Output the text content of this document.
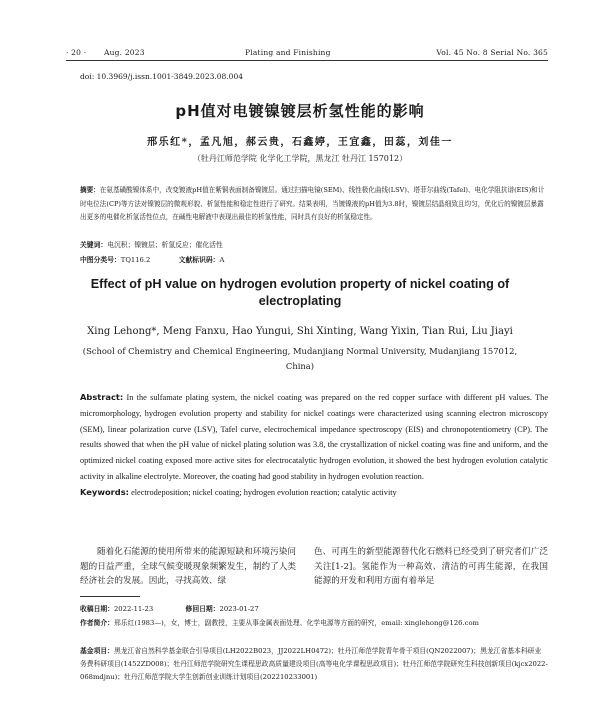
· 20 · Aug. 2023	Plating and Finishing	Vol. 45 No. 8 Serial No. 365
doi: 10.3969/j.issn.1001-3849.2023.08.004
pH值对电镀镍镀层析氢性能的影响
邢乐红*，孟凡旭，郝云贵，石鑫婷，王宜鑫，田蕊，刘佳一
（牡丹江师范学院 化学化工学院，黑龙江 牡丹江 157012）
摘要：在氨基磺酸镍体系中，改变镀液pH值在紫铜表面制备镍镀层。通过扫描电镜(SEM)、线性极化曲线(LSV)、塔菲尔曲线(Tafel)、电化学阻抗谱(EIS)和计时电位法(CP)等方法对镍镀层的微观形貌、析氢性能和稳定性进行了研究。结果表明，当镀镍液的pH值为3.8时，镍镀层结晶细致且均匀，优化后的镍镀层暴露出更多的电催化析氢活性位点，在碱性电解液中表现出最佳的析氢性能，同时具有良好的析氢稳定性。
关键词：电沉积；镍镀层；析氢反应；催化活性
中图分类号：TQ116.2	文献标识码：A
Effect of pH value on hydrogen evolution property of nickel coating of electroplating
Xing Lehong*, Meng Fanxu, Hao Yungui, Shi Xinting, Wang Yixin, Tian Rui, Liu Jiayi
(School of Chemistry and Chemical Engineering, Mudanjiang Normal University, Mudanjiang 157012, China)
Abstract: In the sulfamate plating system, the nickel coating was prepared on the red copper surface with different pH values. The micromorphology, hydrogen evolution property and stability for nickel coatings were characterized using scanning electron microscopy (SEM), linear polarization curve (LSV), Tafel curve, electrochemical impedance spectroscopy (EIS) and chronopotentiometry (CP). The results showed that when the pH value of nickel plating solution was 3.8, the crystallization of nickel coating was fine and uniform, and the optimized nickel coating exposed more active sites for electrocatalytic hydrogen evolution, it showed the best hydrogen evolution catalytic activity in alkaline electrolyte. Moreover, the coating had good stability in hydrogen evolution reaction.
Keywords: electrodeposition; nickel coating; hydrogen evolution reaction; catalytic activity
随着化石能源的使用所带来的能源短缺和环境污染问题的日益严重，全球气候变暖现象频繁发生，制约了人类经济社会的发展。因此，寻找高效、绿
色、可再生的新型能源替代化石燃料已经受到了研究者们广泛关注[1-2]。氢能作为一种高效、清洁的可再生能源，在我国能源的开发和利用方面有着举足
收稿日期：2022-11-23	修回日期：2023-01-27
作者简介：邢乐红(1983—)，女，博士，副教授，主要从事金属表面处理、化学电源等方面的研究，email: xinglehong@126.com
基金项目：黑龙江省自然科学基金联合引导项目(LH2022B023，JJ2022LH0472)；牡丹江师范学院青年骨干项目(QN2022007)；黑龙江省基本科研业务费科研项目(1452ZD008)；牡丹江师范学院研究生课程思政高质量建设项目(高等电化学课程思政项目)；牡丹江师范学院研究生科技创新项目(kjcx2022-068mdjnu)；牡丹江师范学院大学生创新创业训练计划项目(202210233001)
